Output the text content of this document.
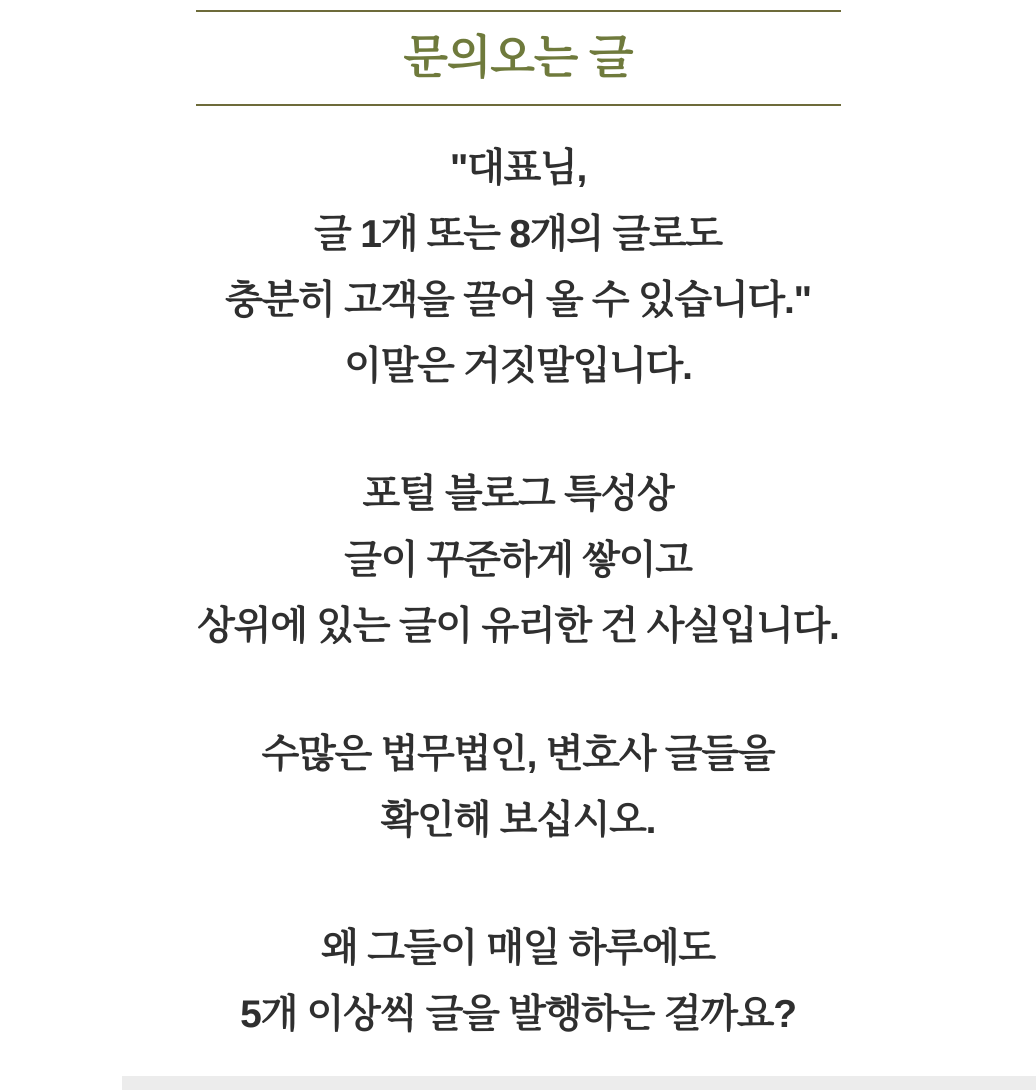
문의오는 글
"대표님,
글 1개 또는 8개의 글로도
충분히 고객을 끌어 올 수 있습니다."
이말은 거짓말입니다.
포털 블로그 특성상
글이 꾸준하게 쌓이고
상위에 있는 글이 유리한 건 사실입니다.
수많은 법무법인, 변호사 글들을
확인해 보십시오.
왜 그들이 매일 하루에도
5개 이상씩 글을 발행하는 걸까요?
